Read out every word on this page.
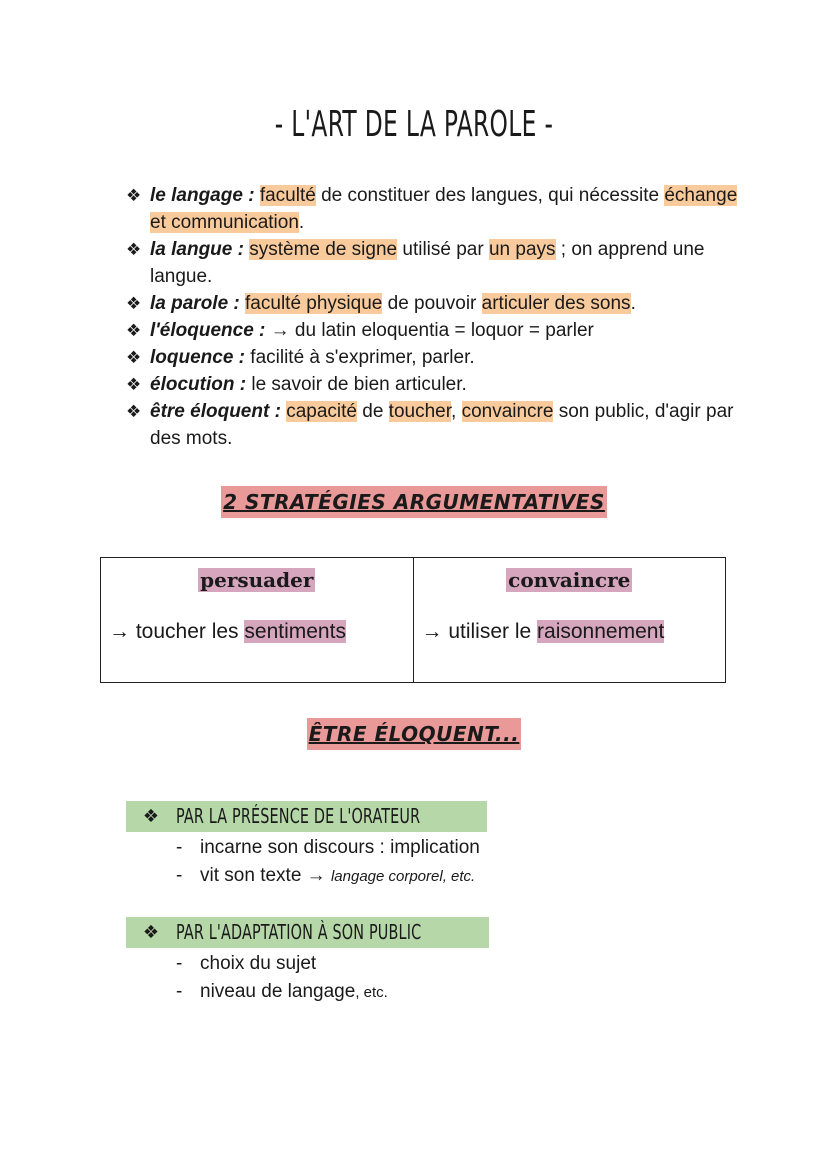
- L'ART DE LA PAROLE -
❖ le langage : faculté de constituer des langues, qui nécessite échange et communication.
❖ la langue : système de signe utilisé par un pays ; on apprend une langue.
❖ la parole : faculté physique de pouvoir articuler des sons.
❖ l'éloquence : → du latin eloquentia = loquor = parler
❖ loquence : facilité à s'exprimer, parler.
❖ élocution : le savoir de bien articuler.
❖ être éloquent : capacité de toucher, convaincre son public, d'agir par des mots.
2 STRATÉGIES ARGUMENTATIVES
persuader
→ toucher les sentiments
convaincre
→ utiliser le raisonnement
ÊTRE ÉLOQUENT...
❖ PAR LA PRÉSENCE DE L'ORATEUR
- incarne son discours : implication
- vit son texte → langage corporel, etc.
❖ PAR L'ADAPTATION À SON PUBLIC
- choix du sujet
- niveau de langage, etc.
